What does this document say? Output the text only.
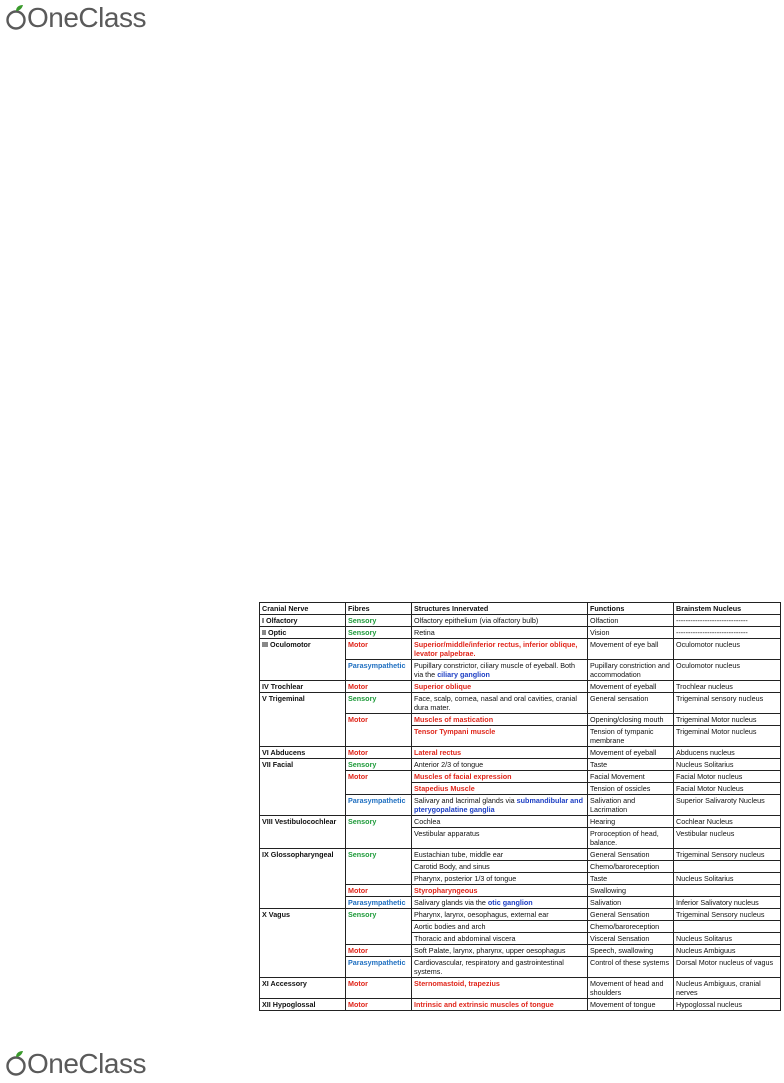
OneClass
Cranial Nerve	Fibres	Structures Innervated	Functions	Brainstem Nucleus
I Olfactory	Sensory	Olfactory epithelium (via olfactory bulb)	Olfaction	------------------------------
II Optic	Sensory	Retina	Vision	------------------------------
III Oculomotor	Motor	Superior/middle/inferior rectus, inferior oblique, levator palpebrae.	Movement of eye ball	Oculomotor nucleus
	Parasympathetic	Pupillary constrictor, ciliary muscle of eyeball. Both via the ciliary ganglion	Pupillary constriction and accommodation	Oculomotor nucleus
IV Trochlear	Motor	Superior oblique	Movement of eyeball	Trochlear nucleus
V Trigeminal	Sensory	Face, scalp, cornea, nasal and oral cavities, cranial dura mater.	General sensation	Trigeminal sensory nucleus
	Motor	Muscles of mastication	Opening/closing mouth	Trigeminal Motor nucleus
		Tensor Tympani muscle	Tension of tympanic membrane	Trigeminal Motor nucleus
VI Abducens	Motor	Lateral rectus	Movement of eyeball	Abducens nucleus
VII Facial	Sensory	Anterior 2/3 of tongue	Taste	Nucleus Solitarius
	Motor	Muscles of facial expression	Facial Movement	Facial Motor nucleus
		Stapedius Muscle	Tension of ossicles	Facial Motor Nucleus
	Parasympathetic	Salivary and lacrimal glands via submandibular and pterygopalatine ganglia	Salivation and Lacrimation	Superior Salivaroty Nucleus
VIII Vestibulocochlear	Sensory	Cochlea	Hearing	Cochlear Nucleus
		Vestibular apparatus	Proroception of head, balance.	Vestibular nucleus
IX Glossopharyngeal	Sensory	Eustachian tube, middle ear	General Sensation	Trigeminal Sensory nucleus
		Carotid Body, and sinus	Chemo/baroreception	
		Pharynx, posterior 1/3 of tongue	Taste	Nucleus Solitarius
	Motor	Styropharyngeous	Swallowing	
	Parasympathetic	Salivary glands via the otic ganglion	Salivation	Inferior Salivatory nucleus
X Vagus	Sensory	Pharynx, larynx, oesophagus, external ear	General Sensation	Trigeminal Sensory nucleus
		Aortic bodies and arch	Chemo/baroreception	
		Thoracic and abdominal viscera	Visceral Sensation	Nucleus Solitarus
	Motor	Soft Palate, larynx, pharynx, upper oesophagus	Speech, swallowing	Nucleus Ambiguus
	Parasympathetic	Cardiovascular, respiratory and gastrointestinal systems.	Control of these systems	Dorsal Motor nucleus of vagus
XI Accessory	Motor	Sternomastoid, trapezius	Movement of head and shoulders	Nucleus Ambiguus, cranial nerves
XII Hypoglossal	Motor	Intrinsic and extrinsic muscles of tongue	Movement of tongue	Hypoglossal nucleus
OneClass
